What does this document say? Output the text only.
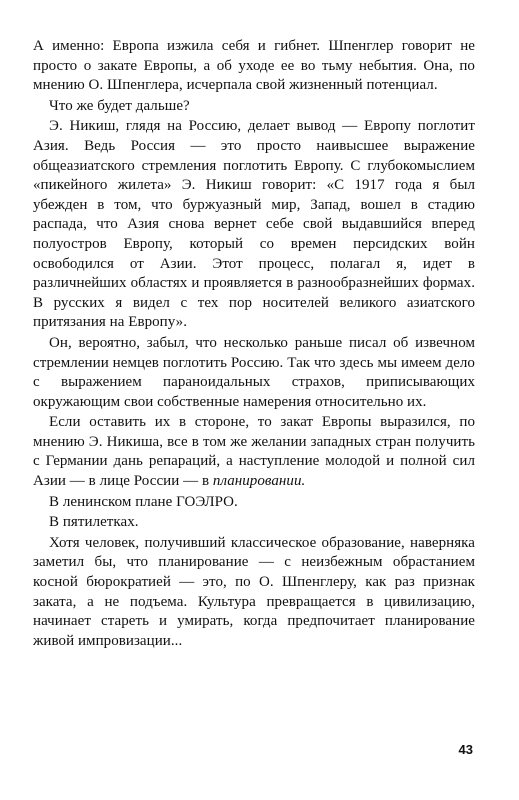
А именно: Европа изжила себя и гибнет. Шпенглер говорит не просто о закате Европы, а об уходе ее во тьму небытия. Она, по мнению О. Шпенглера, исчерпала свой жизненный потенциал.

Что же будет дальше?

Э. Никиш, глядя на Россию, делает вывод — Европу поглотит Азия. Ведь Россия — это просто наивысшее выражение общеазиатского стремления поглотить Европу. С глубокомыслием «пикейного жилета» Э. Никиш говорит: «С 1917 года я был убежден в том, что буржуазный мир, Запад, вошел в стадию распада, что Азия снова вернет себе свой выдавшийся вперед полуостров Европу, который со времен персидских войн освободился от Азии. Этот процесс, полагал я, идет в различнейших областях и проявляется в разнообразнейших формах. В русских я видел с тех пор носителей великого азиатского притязания на Европу».

Он, вероятно, забыл, что несколько раньше писал об извечном стремлении немцев поглотить Россию. Так что здесь мы имеем дело с выражением параноидальных страхов, приписывающих окружающим свои собственные намерения относительно их.

Если оставить их в стороне, то закат Европы выразился, по мнению Э. Никиша, все в том же желании западных стран получить с Германии дань репараций, а наступление молодой и полной сил Азии — в лице России — в планировании.

В ленинском плане ГОЭЛРО.

В пятилетках.

Хотя человек, получивший классическое образование, наверняка заметил бы, что планирование — с неизбежным обрастанием косной бюрократией — это, по О. Шпенглеру, как раз признак заката, а не подъема. Культура превращается в цивилизацию, начинает стареть и умирать, когда предпочитает планирование живой импровизации...

43
